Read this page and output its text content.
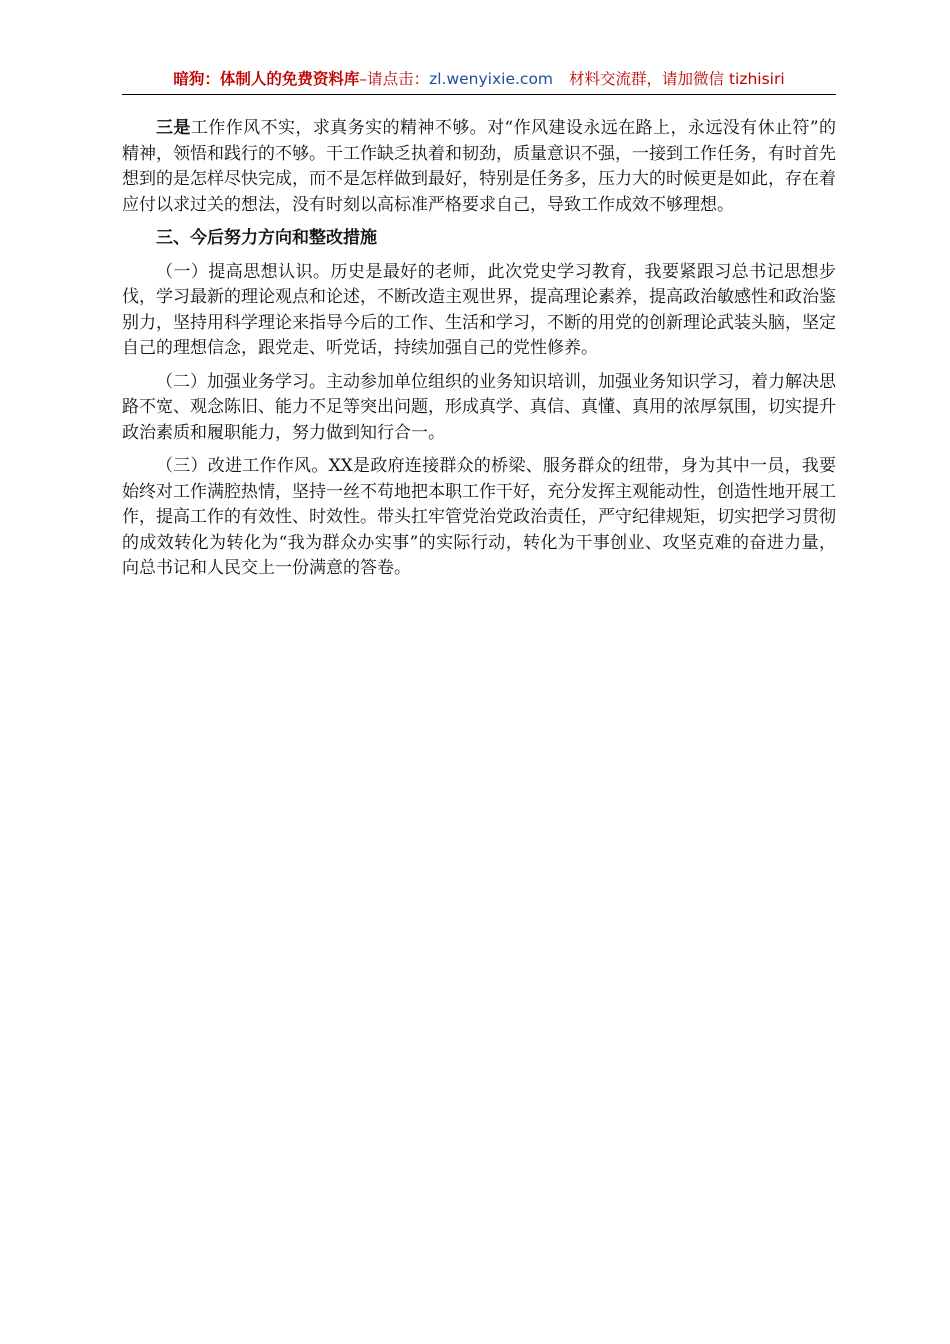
暗狗：体制人的免费资料库–请点击：zl.wenyixie.com 材料交流群，请加微信 tizhisiri

三是工作作风不实，求真务实的精神不够。对“作风建设永远在路上，永远没有休止符”的精神，领悟和践行的不够。干工作缺乏执着和韧劲，质量意识不强，一接到工作任务，有时首先想到的是怎样尽快完成，而不是怎样做到最好，特别是任务多，压力大的时候更是如此，存在着应付以求过关的想法，没有时刻以高标准严格要求自己，导致工作成效不够理想。

三、今后努力方向和整改措施

（一）提高思想认识。历史是最好的老师，此次党史学习教育，我要紧跟习总书记思想步伐，学习最新的理论观点和论述，不断改造主观世界，提高理论素养，提高政治敏感性和政治鉴别力，坚持用科学理论来指导今后的工作、生活和学习，不断的用党的创新理论武装头脑，坚定自己的理想信念，跟党走、听党话，持续加强自己的党性修养。

（二）加强业务学习。主动参加单位组织的业务知识培训，加强业务知识学习，着力解决思路不宽、观念陈旧、能力不足等突出问题，形成真学、真信、真懂、真用的浓厚氛围，切实提升政治素质和履职能力，努力做到知行合一。

（三）改进工作作风。XX是政府连接群众的桥梁、服务群众的纽带，身为其中一员，我要始终对工作满腔热情，坚持一丝不苟地把本职工作干好，充分发挥主观能动性，创造性地开展工作，提高工作的有效性、时效性。带头扛牢管党治党政治责任，严守纪律规矩，切实把学习贯彻的成效转化为转化为“我为群众办实事”的实际行动，转化为干事创业、攻坚克难的奋进力量，向总书记和人民交上一份满意的答卷。
